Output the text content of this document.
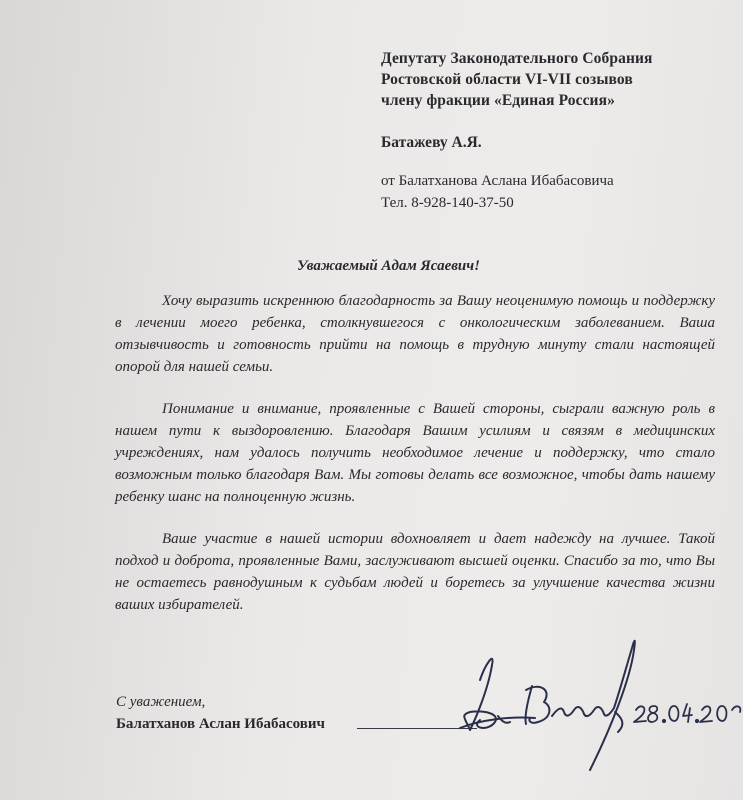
Депутату Законодательного Собрания
Ростовской области VI-VII созывов
члену фракции «Единая Россия»
Батажеву А.Я.
от Балатханова Аслана Ибабасовича
Тел. 8-928-140-37-50
Уважаемый Адам Ясаевич!

Хочу выразить искреннюю благодарность за Вашу неоценимую помощь и поддержку в лечении моего ребенка, столкнувшегося с онкологическим заболеванием. Ваша отзывчивость и готовность прийти на помощь в трудную минуту стали настоящей опорой для нашей семьи.

Понимание и внимание, проявленные с Вашей стороны, сыграли важную роль в нашем пути к выздоровлению. Благодаря Вашим усилиям и связям в медицинских учреждениях, нам удалось получить необходимое лечение и поддержку, что стало возможным только благодаря Вам. Мы готовы делать все возможное, чтобы дать нашему ребенку шанс на полноценную жизнь.

Ваше участие в нашей истории вдохновляет и дает надежду на лучшее. Такой подход и доброта, проявленные Вами, заслуживают высшей оценки. Спасибо за то, что Вы не остаетесь равнодушным к судьбам людей и боретесь за улучшение качества жизни ваших избирателей.

С уважением,
Балатханов Аслан Ибабасович
